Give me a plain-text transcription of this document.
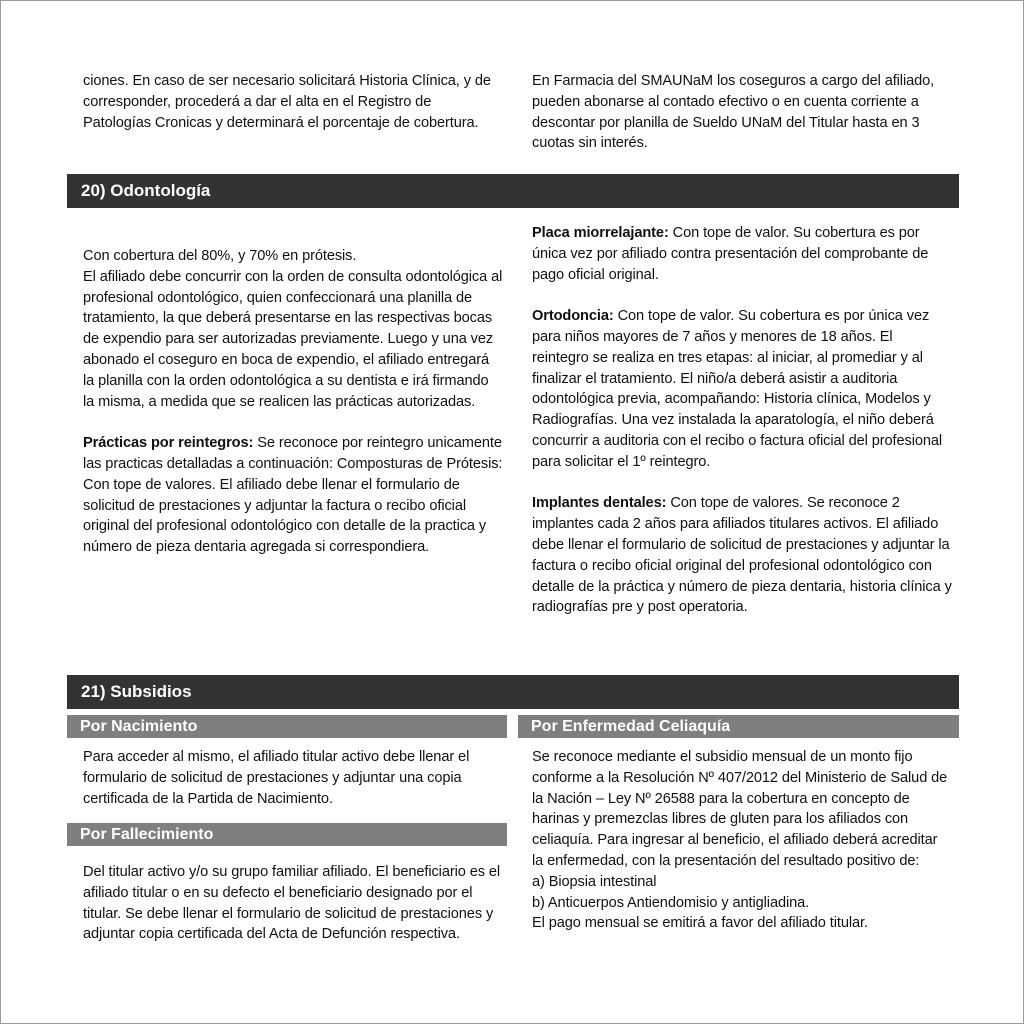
ciones. En caso de ser necesario solicitará Historia Clínica, y de corresponder, procederá a dar el alta en el Registro de Patologías Cronicas y determinará el porcentaje de cobertura.

En Farmacia del SMAUNaM los coseguros a cargo del afiliado, pueden abonarse al contado efectivo o en cuenta corriente a descontar por planilla de Sueldo UNaM del Titular hasta en 3 cuotas sin interés.

20) Odontología

Con cobertura del 80%, y 70% en prótesis.

El afiliado debe concurrir con la orden de consulta odontológica al profesional odontológico, quien confeccionará una planilla de tratamiento, la que deberá presentarse en las respectivas bocas de expendio para ser autorizadas previamente. Luego y una vez abonado el coseguro en boca de expendio, el afiliado entregará la planilla con la orden odontológica a su dentista e irá firmando la misma, a medida que se realicen las prácticas autorizadas.

Prácticas por reintegros: Se reconoce por reintegro unicamente las practicas detalladas a continuación: Composturas de Prótesis: Con tope de valores. El afiliado debe llenar el formulario de solicitud de prestaciones y adjuntar la factura o recibo oficial original del profesional odontológico con detalle de la practica y número de pieza dentaria agregada si correspondiera.

Placa miorrelajante: Con tope de valor. Su cobertura es por única vez por afiliado contra presentación del comprobante de pago oficial original.

Ortodoncia: Con tope de valor. Su cobertura es por única vez para niños mayores de 7 años y menores de 18 años. El reintegro se realiza en tres etapas: al iniciar, al promediar y al finalizar el tratamiento. El niño/a deberá asistir a auditoria odontológica previa, acompañando: Historia clínica, Modelos y Radiografías. Una vez instalada la aparatología, el niño deberá concurrir a auditoria con el recibo o factura oficial del profesional para solicitar el 1º reintegro.

Implantes dentales: Con tope de valores. Se reconoce 2 implantes cada 2 años para afiliados titulares activos. El afiliado debe llenar el formulario de solicitud de prestaciones y adjuntar la factura o recibo oficial original del profesional odontológico con detalle de la práctica y número de pieza dentaria, historia clínica y radiografías pre y post operatoria.

21) Subsidios
Por Nacimiento

Para acceder al mismo, el afiliado titular activo debe llenar el formulario de solicitud de prestaciones y adjuntar una copia certificada de la Partida de Nacimiento.

Por Fallecimiento

Del titular activo y/o su grupo familiar afiliado. El beneficiario es el afiliado titular o en su defecto el beneficiario designado por el titular. Se debe llenar el formulario de solicitud de prestaciones y adjuntar copia certificada del Acta de Defunción respectiva.

Por Enfermedad Celiaquía

Se reconoce mediante el subsidio mensual de un monto fijo conforme a la Resolución Nº 407/2012 del Ministerio de Salud de la Nación – Ley Nº 26588 para la cobertura en concepto de harinas y premezclas libres de gluten para los afiliados con celiaquía. Para ingresar al beneficio, el afiliado deberá acreditar la enfermedad, con la presentación del resultado positivo de:

a) Biopsia intestinal

b) Anticuerpos Antiendomisio y antigliadina.

El pago mensual se emitirá a favor del afiliado titular.
